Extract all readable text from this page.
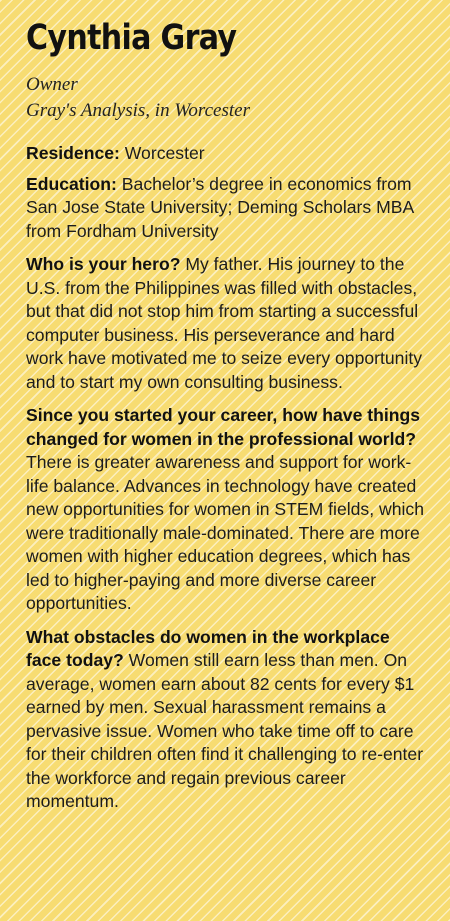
Cynthia Gray
Owner
Gray's Analysis, in Worcester

Residence: Worcester

Education: Bachelor’s degree in economics from San Jose State University; Deming Scholars MBA from Fordham University

Who is your hero? My father. His journey to the U.S. from the Philippines was filled with obstacles, but that did not stop him from starting a successful computer business. His perseverance and hard work have motivated me to seize every opportunity and to start my own consulting business.

Since you started your career, how have things changed for women in the professional world? There is greater awareness and support for work-life balance. Advances in technology have created new opportunities for women in STEM fields, which were traditionally male-dominated. There are more women with higher education degrees, which has led to higher-paying and more diverse career opportunities.

What obstacles do women in the workplace face today? Women still earn less than men. On average, women earn about 82 cents for every $1 earned by men. Sexual harassment remains a pervasive issue. Women who take time off to care for their children often find it challenging to re-enter the workforce and regain previous career momentum.
